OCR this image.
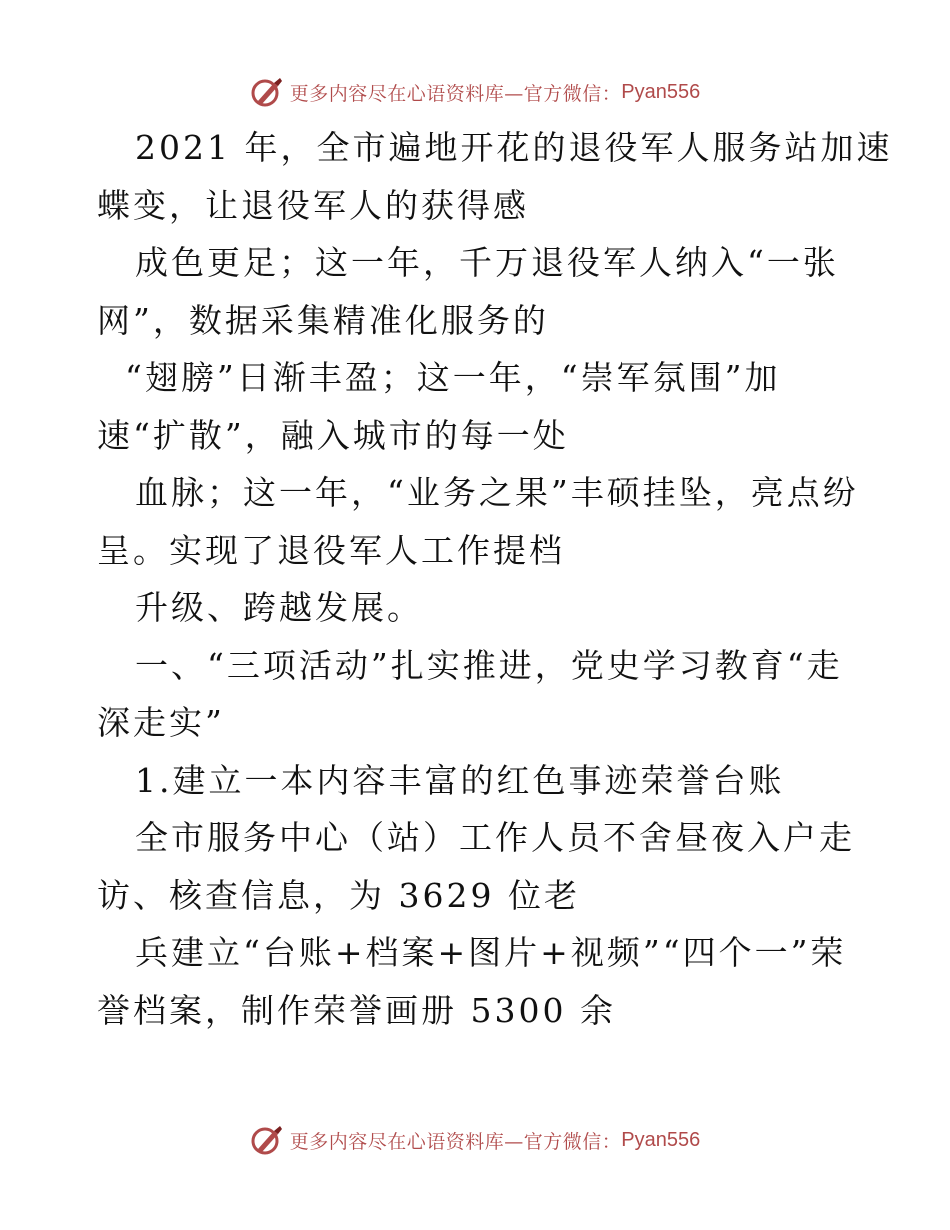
更多内容尽在心语资料库—官方微信： Pyan556
2021 年，全市遍地开花的退役军人服务站加速
蝶变，让退役军人的获得感
成色更足；这一年，千万退役军人纳入“一张
网”，数据采集精准化服务的
“翅膀”日渐丰盈；这一年，“崇军氛围”加
速“扩散”，融入城市的每一处
血脉；这一年，“业务之果”丰硕挂坠，亮点纷
呈。实现了退役军人工作提档
升级、跨越发展。
一、“三项活动”扎实推进，党史学习教育“走
深走实”
1.建立一本内容丰富的红色事迹荣誉台账
全市服务中心（站）工作人员不舍昼夜入户走
访、核查信息，为 3629 位老
兵建立“台账+档案+图片+视频”“四个一”荣
誉档案，制作荣誉画册 5300 余
更多内容尽在心语资料库—官方微信： Pyan556
